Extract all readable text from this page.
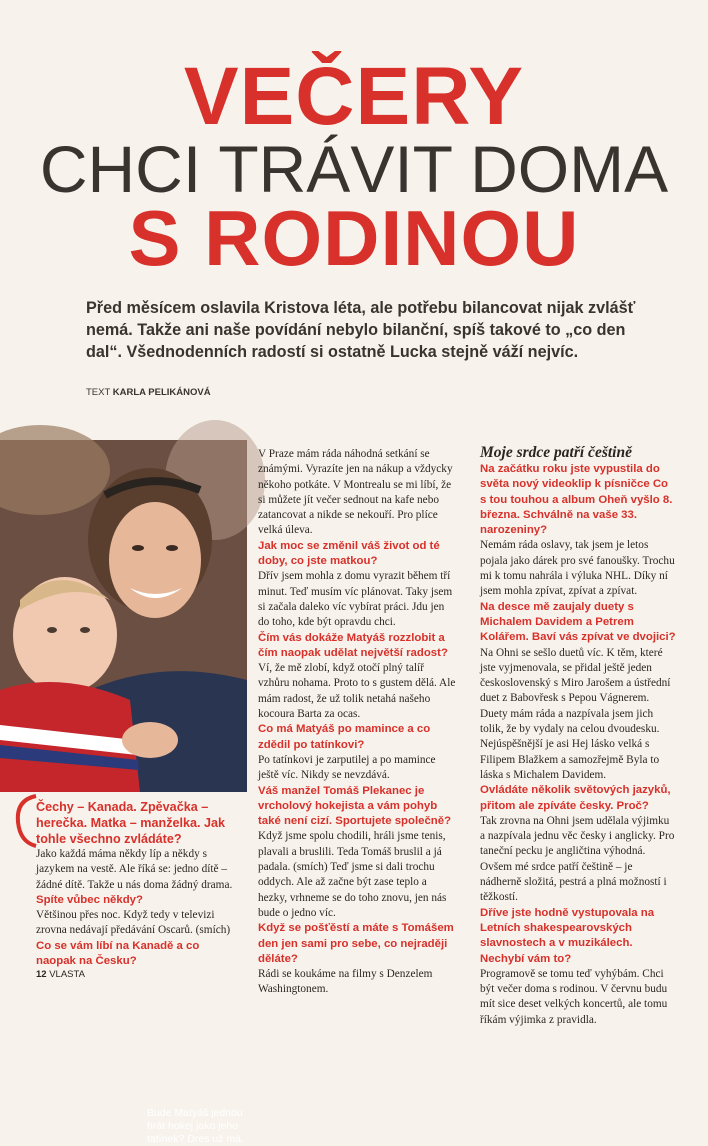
VEČERY
CHCI TRÁVIT DOMA
S RODINOU
Před měsícem oslavila Kristova léta, ale potřebu bilancovat nijak zvlášť nemá. Takže ani naše povídání nebylo bilanční, spíš takové to „co den dal“. Všednodenních radostí si ostatně Lucka stejně váží nejvíc.
TEXT KARLA PELIKÁNOVÁ
Bude Matyáš jednou hrát hokej jako jeho tatínek? Dres už má.

Čechy – Kanada. Zpěvačka – herečka. Matka – manželka. Jak tohle všechno zvládáte?

Jako každá máma někdy líp a někdy s jazykem na vestě. Ale říká se: jedno dítě – žádné dítě. Takže u nás doma žádný drama.

Spíte vůbec někdy?

Většinou přes noc. Když tedy v televizi zrovna nedávají předávání Oscarů. (smích)

Co se vám líbí na Kanadě a co naopak na Česku?

V Praze mám ráda náhodná setkání se známými. Vyrazíte jen na nákup a vždycky někoho potkáte. V Montrealu se mi líbí, že si můžete jít večer sednout na kafe nebo zatancovat a nikde se nekouří. Pro plíce velká úleva.

Jak moc se změnil váš život od té doby, co jste matkou?

Dřív jsem mohla z domu vyrazit během tří minut. Teď musím víc plánovat. Taky jsem si začala daleko víc vybírat práci. Jdu jen do toho, kde být opravdu chci.

Čím vás dokáže Matyáš rozzlobit a čím naopak udělat největší radost?

Ví, že mě zlobí, když otočí plný talíř vzhůru nohama. Proto to s gustem dělá. Ale mám radost, že už tolik netahá našeho kocoura Barta za ocas.

Co má Matyáš po mamince a co zdědil po tatínkovi?

Po tatínkovi je zarputilej a po mamince ještě víc. Nikdy se nevzdává.

Váš manžel Tomáš Plekanec je vrcholový hokejista a vám pohyb také není cizí. Sportujete společně?

Když jsme spolu chodili, hráli jsme tenis, plavali a bruslili. Teda Tomáš bruslil a já padala. (smích) Teď jsme si dali trochu oddych. Ale až začne být zase teplo a hezky, vrhneme se do toho znovu, jen nás bude o jedno víc.

Když se pošťěstí a máte s Tomášem den jen sami pro sebe, co nejraději děláte?

Rádi se koukáme na filmy s Denzelem Washingtonem.

Moje srdce patří češtině

Na začátku roku jste vypustila do světa nový videoklip k písničce Co s tou touhou a album Oheň vyšlo 8. března. Schválně na vaše 33. narozeniny?

Nemám ráda oslavy, tak jsem je letos pojala jako dárek pro své fanoušky. Trochu mi k tomu nahrála i výluka NHL. Díky ní jsem mohla zpívat, zpívat a zpívat.

Na desce mě zaujaly duety s Michalem Davidem a Petrem Kolářem. Baví vás zpívat ve dvojici?

Na Ohni se sešlo duetů víc. K těm, které jste vyjmenovala, se přidal ještě jeden československý s Miro Jarošem a ústřední duet z Babovřesk s Pepou Vágnerem. Duety mám ráda a nazpívala jsem jich tolik, že by vydaly na celou dvoudesku. Nejúspěšnější je asi Hej lásko velká s Filipem Blažkem a samozřejmě Byla to láska s Michalem Davidem.

Ovládáte několik světových jazyků, přitom ale zpíváte česky. Proč?

Tak zrovna na Ohni jsem udělala výjimku a nazpívala jednu věc česky i anglicky. Pro taneční pecku je angličtina výhodná. Ovšem mé srdce patří češtině – je nádherně složitá, pestrá a plná možností i těžkostí.

Dříve jste hodně vystupovala na Letních shakespearovských slavnostech a v muzikálech. Nechybí vám to?

Programově se tomu teď vyhýbám. Chci být večer doma s rodinou. V červnu budu mít sice deset velkých koncertů, ale tomu říkám výjimka z pravidla.

12 VLASTA
